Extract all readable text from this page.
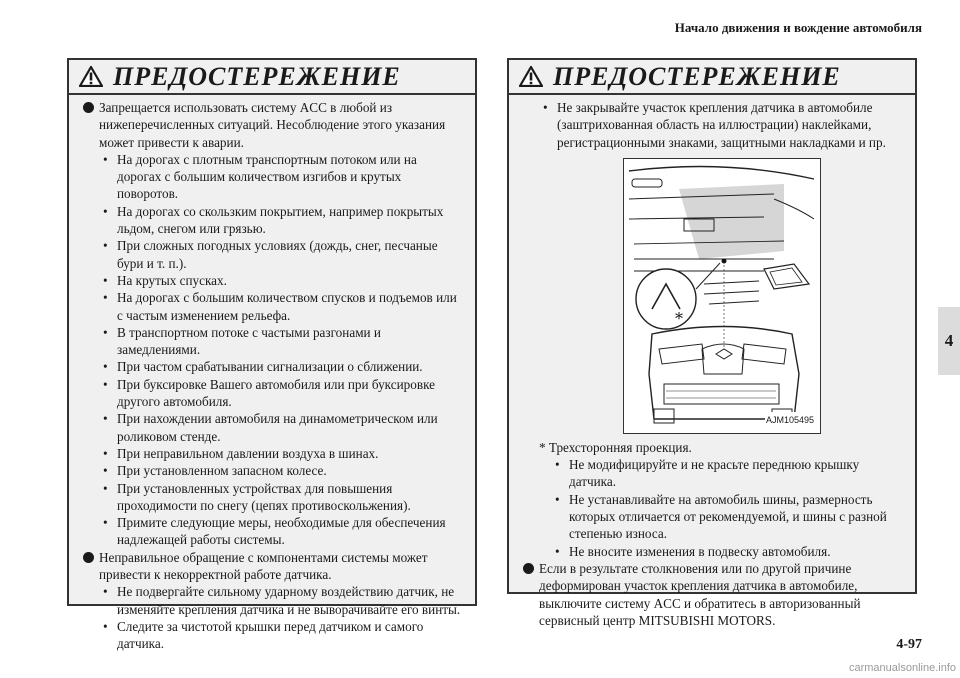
Начало движения и вождение автомобиля
4
ПРЕДОСТЕРЕЖЕНИЕ
Запрещается использовать систему ACC в любой из нижеперечисленных ситуаций. Несоблюдение этого указания может привести к аварии.
• На дорогах с плотным транспортным потоком или на дорогах с большим количеством изгибов и крутых поворотов.
• На дорогах со скользким покрытием, например покрытых льдом, снегом или грязью.
• При сложных погодных условиях (дождь, снег, песчаные бури и т. п.).
• На крутых спусках.
• На дорогах с большим количеством спусков и подъемов или с частым изменением рельефа.
• В транспортном потоке с частыми разгонами и замедлениями.
• При частом срабатывании сигнализации о сближении.
• При буксировке Вашего автомобиля или при буксировке другого автомобиля.
• При нахождении автомобиля на динамометрическом или роликовом стенде.
• При неправильном давлении воздуха в шинах.
• При установленном запасном колесе.
• При установленных устройствах для повышения проходимости по снегу (цепях противоскольжения).
• Примите следующие меры, необходимые для обеспечения надлежащей работы системы.
Неправильное обращение с компонентами системы может привести к некорректной работе датчика.
• Не подвергайте сильному ударному воздействию датчик, не изменяйте крепления датчика и не выворачивайте его винты.
• Следите за чистотой крышки перед датчиком и самого датчика.
ПРЕДОСТЕРЕЖЕНИЕ
• Не закрывайте участок крепления датчика в автомобиле (заштрихованная область на иллюстрации) наклейками, регистрационными знаками, защитными накладками и пр.
*
AJM105495
* Трехсторонняя проекция.
• Не модифицируйте и не красьте переднюю крышку датчика.
• Не устанавливайте на автомобиль шины, размерность которых отличается от рекомендуемой, и шины с разной степенью износа.
• Не вносите изменения в подвеску автомобиля.
Если в результате столкновения или по другой причине деформирован участок крепления датчика в автомобиле, выключите систему ACC и обратитесь в авторизованный сервисный центр MITSUBISHI MOTORS.
4-97
carmanualsonline.info
